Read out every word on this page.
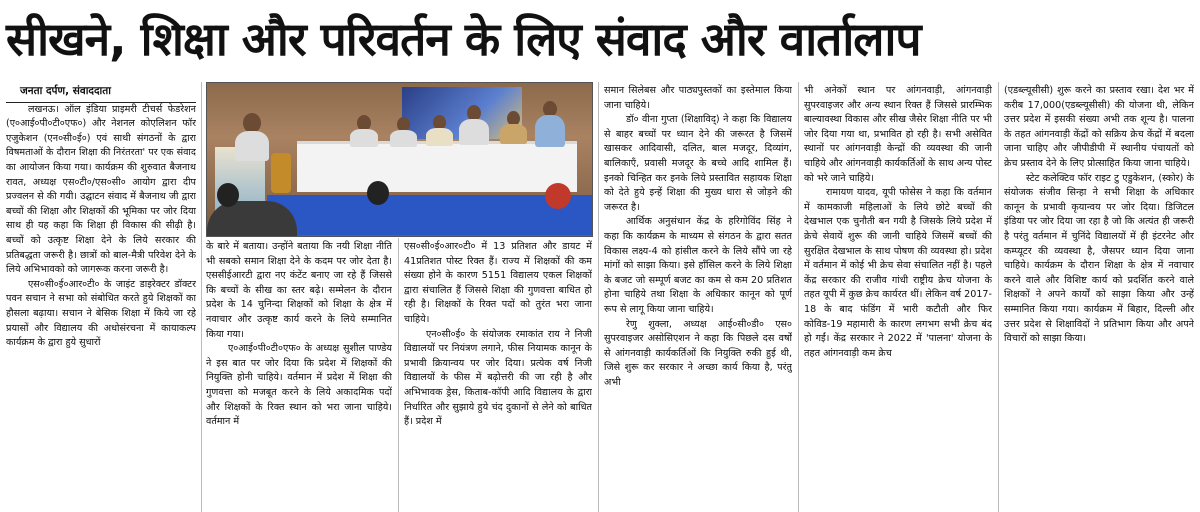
सीखने, शिक्षा और परिवर्तन के लिए संवाद और वार्तालाप

जनता दर्पण, संवाददाता

लखनऊ। ऑल इंडिया प्राइमरी टीचर्स फेडरेशन (ए०आई०पी०टी०एफ०) और नेशनल कोएलिशन फॉर एजुकेशन (एन०सी०ई०) एवं साथी संगठनों के द्वारा विषमताओं के दौरान शिक्षा की निरंतरता' पर एक संवाद का आयोजन किया गया। कार्यक्रम की शुरुवात बैजनाथ रावत, अध्यक्ष एस०टी०/एस०सी० आयोग द्वारा दीप प्रज्वलन से की गयी। उद्घाटन संवाद में बैजनाथ जी द्वारा बच्चों की शिक्षा और शिक्षकों की भूमिका पर जोर दिया साथ ही यह कहा कि शिक्षा ही विकास की सीढ़ी है। बच्चों को उत्कृष्ट शिक्षा देने के लिये सरकार की प्रतिबद्धता जरूरी है। छात्रों को बाल-मैत्री परिवेश देने के लिये अभिभावको को जागरूक करना जरूरी है।

एस०सी०ई०आर०टी० के जाइंट डाइरेक्टर डॉक्टर पवन सचान ने सभा को संबोधित करते हुये शिक्षकों का हौसला बढ़ाया। सचान ने बेसिक शिक्षा में किये जा रहे प्रयासों और विद्यालय की अधोसंरचना में कायाकल्प कार्यक्रम के द्वारा हुये सुधारों

के बारे में बताया। उन्होंने बताया कि नयी शिक्षा नीति भी सबको समान शिक्षा देने के कदम पर जोर देता है। एससीईआरटी द्वारा नए कंटेंट बनाए जा रहे हैं जिससे कि बच्चों के सीख का स्तर बढ़े। सम्मेलन के दौरान प्रदेश के 14 चुनिन्दा शिक्षकों को शिक्षा के क्षेत्र में नवाचार और उत्कृष्ट कार्य करने के लिये सम्मानित किया गया।

ए०आई०पी०टी०एफ० के अध्यक्ष सुशील पाण्डेय ने इस बात पर जोर दिया कि प्रदेश में शिक्षकों की नियुक्ति होनी चाहिये। वर्तमान में प्रदेश में शिक्षा की गुणवत्ता को मजबूत करने के लिये अकादमिक पदों और शिक्षकों के रिक्त स्थान को भरा जाना चाहिये। वर्तमान में

एस०सी०ई०आर०टी० में 13 प्रतिशत और डायट में 41प्रतिशत पोस्ट रिक्त हैं। राज्य में शिक्षकों की कम संख्या होने के कारण 5151 विद्यालय एकल शिक्षकों द्वारा संचालित हैं जिससे शिक्षा की गुणवत्ता बाधित हो रही है। शिक्षकों के रिक्त पदों को तुरंत भरा जाना चाहिये।

एन०सी०ई० के संयोजक रमाकांत राय ने निजी विद्यालयों पर नियंत्रण लगाने, फीस नियामक कानून के प्रभावी क्रियान्वय पर जोर दिया। प्रत्येक वर्ष निजी विद्यालयों के फीस में बढ़ोत्तरी की जा रही है और अभिभावक ड्रेस, किताब-कॉपी आदि विद्यालय के द्वारा निर्धारित और सुझाये हुये चंद दुकानों से लेने को बाधित हैं। प्रदेश में

समान सिलेबस और पाठ्यपुस्तकों का इस्तेमाल किया जाना चाहिये।

डॉ० वीना गुप्ता (शिक्षाविद्) ने कहा कि विद्यालय से बाहर बच्चों पर ध्यान देने की जरूरत है जिसमें खासकर आदिवासी, दलित, बाल मजदूर, दिव्यांग, बालिकाएँ, प्रवासी मजदूर के बच्चे आदि शामिल हैं। इनको चिन्हित कर इनके लिये प्रस्तावित सहायक शिक्षा को देते हुये इन्हें शिक्षा की मुख्य धारा से जोड़ने की जरूरत है।

आर्थिक अनुसंधान केंद्र के हरिगोविंद सिंह ने कहा कि कार्यक्रम के माध्यम से संगठन के द्वारा सतत विकास लक्ष्य-4 को हांसील करने के लिये सौंपे जा रहे मांगों को साझा किया। इसे हाँसिल करने के लिये शिक्षा के बजट जो सम्पूर्ण बजट का कम से कम 20 प्रतिशत होना चाहिये तथा शिक्षा के अधिकार कानून को पूर्ण रूप से लागू किया जाना चाहिये।

रेणु शुक्ला, अध्यक्ष आई०सी०डी० एस० सुपरवाइजर असोसिएशन ने कहा कि पिछले दस वर्षों से आंगनवाड़ी कार्यकर्तिओं कि नियुक्ति रुकी हुई थी, जिसे शुरू कर सरकार ने अच्छा कार्य किया है, परंतु अभी

भी अनेकों स्थान पर आंगनवाड़ी, आंगनवाड़ी सुपरवाइजर और अन्य स्थान रिक्त हैं जिससे प्रारम्भिक बाल्यावस्था विकास और सीख जैसेर शिक्षा नीति पर भी जोर दिया गया था, प्रभावित हो रही है। सभी असेवित स्थानों पर आंगनवाड़ी केन्द्रों की व्यवस्था की जानी चाहिये और आंगनवाड़ी कार्यकर्तिओं के साथ अन्य पोस्ट को भरे जाने चाहिये।

रामायण यादव, यूपी फोसेस ने कहा कि वर्तमान में कामकाजी महिलाओं के लिये छोटे बच्चों की देखभाल एक चुनौती बन गयी है जिसके लिये प्रदेश में क्रेचे सेवायें शुरू की जानी चाहिये जिसमें बच्चों की सुरक्षित देखभाल के साथ पोषण की व्यवस्था हो। प्रदेश में वर्तमान में कोई भी क्रेच सेवा संचालित नहीं है। पहले केंद्र सरकार की राजीव गांधी राष्ट्रीय क्रेच योजना के तहत यूपी में कुछ क्रेच कार्यरत थीं। लेकिन वर्ष 2017-18 के बाद फंडिंग में भारी कटौती और फिर कोविड-19 महामारी के कारण लगभग सभी क्रेच बंद हो गईं। केंद्र सरकार ने 2022 में 'पालना' योजना के तहत आंगनवाड़ी कम क्रेच

(एडब्ल्यूसीसी) शुरू करने का प्रस्ताव रखा। देश भर में करीब 17,000(एडब्ल्यूसीसी) की योजना थी, लेकिन उत्तर प्रदेश में इसकी संख्या अभी तक शून्य है। पालना के तहत आंगनवाड़ी केंद्रों को सक्रिय क्रेच केंद्रों में बदला जाना चाहिए और जीपीडीपी में स्थानीय पंचायतों को क्रेच प्रस्ताव देने के लिए प्रोत्साहित किया जाना चाहिये।

स्टेट कलेक्टिव फॉर राइट टु एडुकेशन, (स्कोर) के संयोजक संजीव सिन्हा ने सभी शिक्षा के अधिकार कानून के प्रभावी कृयान्वय पर जोर दिया। डिजिटल इंडिया पर जोर दिया जा रहा है जो कि अत्यंत ही जरूरी है परंतु वर्तमान में चुनिंदे विद्यालयों में ही इंटरनेट और कम्प्यूटर की व्यवस्था है, जैसपर ध्यान दिया जाना चाहिये। कार्यक्रम के दौरान शिक्षा के क्षेत्र में नवाचार करने वाले और विशिष्ट कार्य को प्रदर्शित करने वाले शिक्षकों ने अपने कार्यों को साझा किया और उन्हें सम्मानित किया गया। कार्यक्रम में बिहार, दिल्ली और उत्तर प्रदेश से शिक्षाविदों ने प्रतिभाग किया और अपने विचारों को साझा किया।
